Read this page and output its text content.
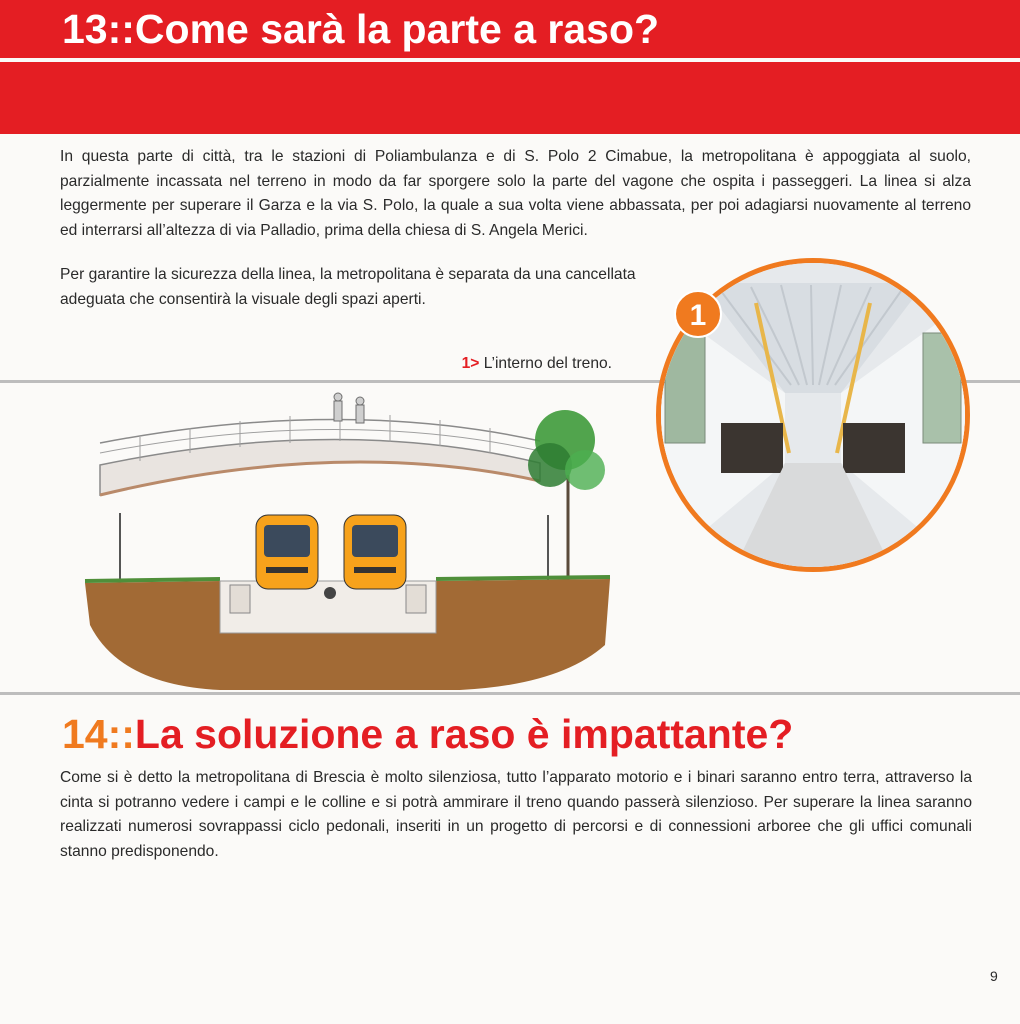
13::Come sarà la parte a raso?

In questa parte di città, tra le stazioni di Poliambulanza e di S. Polo 2 Cimabue, la metropolitana è appoggiata al suolo, parzialmente incassata nel terreno in modo da far sporgere solo la parte del vagone che ospita i passeggeri. La linea si alza leggermente per superare il Garza e la via S. Polo, la quale a sua volta viene abbassata, per poi adagiarsi nuovamente al terreno ed interrarsi all’altezza di via Palladio, prima della chiesa di S. Angela Merici.

Per garantire la sicurezza della linea, la metropolitana è separata da una cancellata adeguata che consentirà la visuale degli spazi aperti.

1> L’interno del treno.
1
14::La soluzione a raso è impattante?

Come si è detto la metropolitana di Brescia è molto silenziosa, tutto l’apparato motorio e i binari saranno entro terra, attraverso la cinta si potranno vedere i campi e le colline e si potrà ammirare il treno quando passerà silenzioso. Per superare la linea saranno realizzati numerosi sovrappassi ciclo pedonali, inseriti in un progetto di percorsi e di connessioni arboree che gli uffici comunali stanno predisponendo.

9
